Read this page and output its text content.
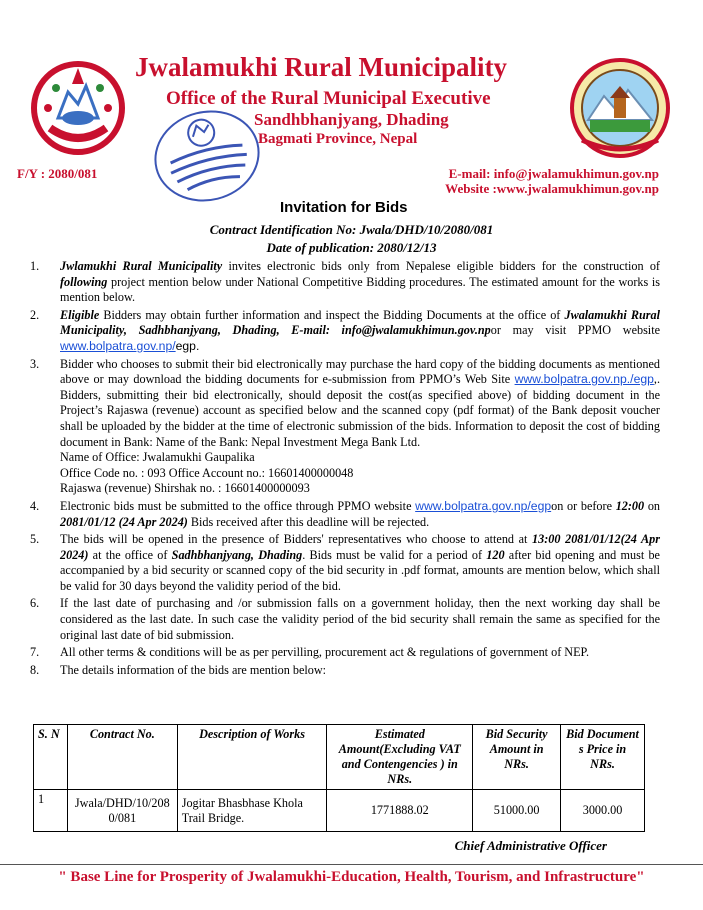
Jwalamukhi Rural Municipality
Office of the Rural Municipal Executive
Sandhbhanjyang, Dhading
Bagmati Province, Nepal
F/Y : 2080/081	E-mail: info@jwalamukhimun.gov.np
Website :www.jwalamukhimun.gov.np
Invitation for Bids
Contract Identification No: Jwala/DHD/10/2080/081
Date of publication: 2080/12/13
1.	Jwlamukhi Rural Municipality invites electronic bids only from Nepalese eligible bidders for the construction of following project mention below under National Competitive Bidding procedures. The estimated amount for the works is mention below.
2.	Eligible Bidders may obtain further information and inspect the Bidding Documents at the office of Jwalamukhi Rural Municipality, Sadhbhanjyang, Dhading, E-mail: info@jwalamukhimun.gov.npor may visit PPMO website www.bolpatra.gov.np/egp.
3.	Bidder who chooses to submit their bid electronically may purchase the hard copy of the bidding documents as mentioned above or may download the bidding documents for e-submission from PPMO’s Web Site www.bolpatra.gov.np./egp,. Bidders, submitting their bid electronically, should deposit the cost(as specified above) of bidding document in the Project’s Rajaswa (revenue) account as specified below and the scanned copy (pdf format) of the Bank deposit voucher shall be uploaded by the bidder at the time of electronic submission of the bids. Information to deposit the cost of bidding document in Bank: Name of the Bank: Nepal Investment Mega Bank Ltd.

Name of Office: Jwalamukhi Gaupalika

Office Code no. : 093 Office Account no.: 16601400000048

Rajaswa (revenue) Shirshak no. : 16601400000093

4.	Electronic bids must be submitted to the office through PPMO website www.bolpatra.gov.np/egpon or before 12:00 on 2081/01/12 (24 Apr 2024) Bids received after this deadline will be rejected.
5.	The bids will be opened in the presence of Bidders' representatives who choose to attend at 13:00 2081/01/12(24 Apr 2024) at the office of Sadhbhanjyang, Dhading. Bids must be valid for a period of 120 after bid opening and must be accompanied by a bid security or scanned copy of the bid security in .pdf format, amounts are mention below, which shall be valid for 30 days beyond the validity period of the bid.
6.	If the last date of purchasing and /or submission falls on a government holiday, then the next working day shall be considered as the last date. In such case the validity period of the bid security shall remain the same as specified for the original last date of bid submission.
7.	All other terms & conditions will be as per pervilling, procurement act & regulations of government of NEP.
8.	The details information of the bids are mention below:
S. N	Contract No.	Description of Works	Estimated Amount(Excluding VAT and Contengencies ) in NRs.	Bid Security Amount in NRs.	Bid Document s Price in NRs.
1	Jwala/DHD/10/2080/081	Jogitar Bhasbhase Khola Trail Bridge.	1771888.02	51000.00	3000.00
Chief Administrative Officer
" Base Line for Prosperity of Jwalamukhi-Education, Health, Tourism, and Infrastructure"
